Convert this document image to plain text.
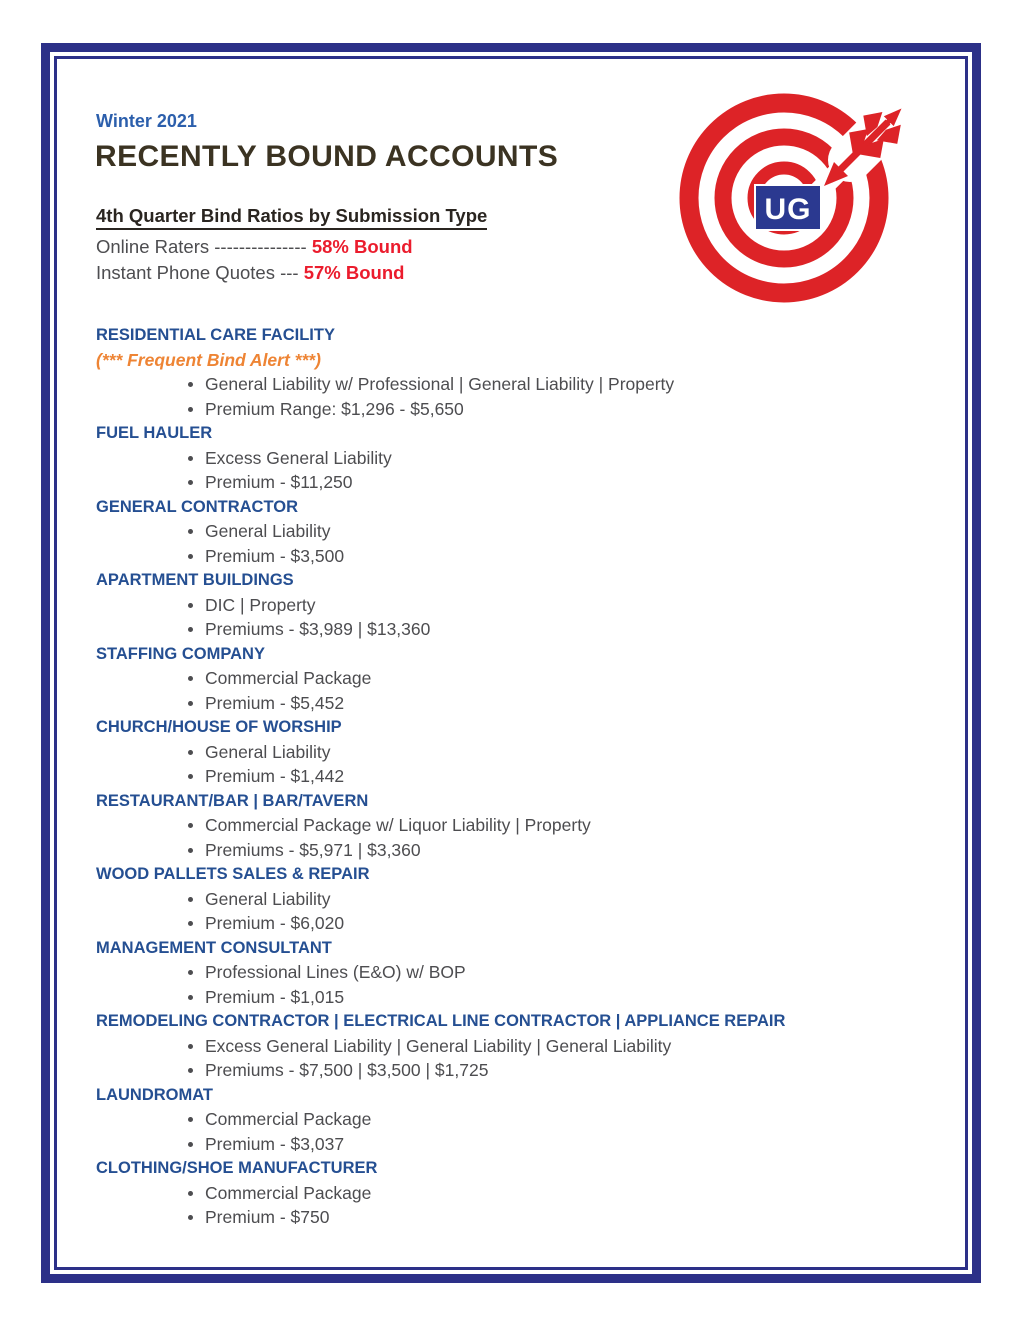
Winter 2021
RECENTLY BOUND ACCOUNTS
4th Quarter Bind Ratios by Submission Type
Online Raters --------------- 58% Bound
Instant Phone Quotes --- 57% Bound
UG
RESIDENTIAL CARE FACILITY
(*** Frequent Bind Alert ***)
General Liability w/ Professional | General Liability | Property
Premium Range: $1,296 - $5,650
FUEL HAULER
Excess General Liability
Premium - $11,250
GENERAL CONTRACTOR
General Liability
Premium - $3,500
APARTMENT BUILDINGS
DIC | Property
Premiums - $3,989 | $13,360
STAFFING COMPANY
Commercial Package
Premium - $5,452
CHURCH/HOUSE OF WORSHIP
General Liability
Premium - $1,442
RESTAURANT/BAR | BAR/TAVERN
Commercial Package w/ Liquor Liability | Property
Premiums - $5,971 | $3,360
WOOD PALLETS SALES & REPAIR
General Liability
Premium - $6,020
MANAGEMENT CONSULTANT
Professional Lines (E&O) w/ BOP
Premium - $1,015
REMODELING CONTRACTOR | ELECTRICAL LINE CONTRACTOR | APPLIANCE REPAIR
Excess General Liability | General Liability | General Liability
Premiums - $7,500 | $3,500 | $1,725
LAUNDROMAT
Commercial Package
Premium - $3,037
CLOTHING/SHOE MANUFACTURER
Commercial Package
Premium - $750
